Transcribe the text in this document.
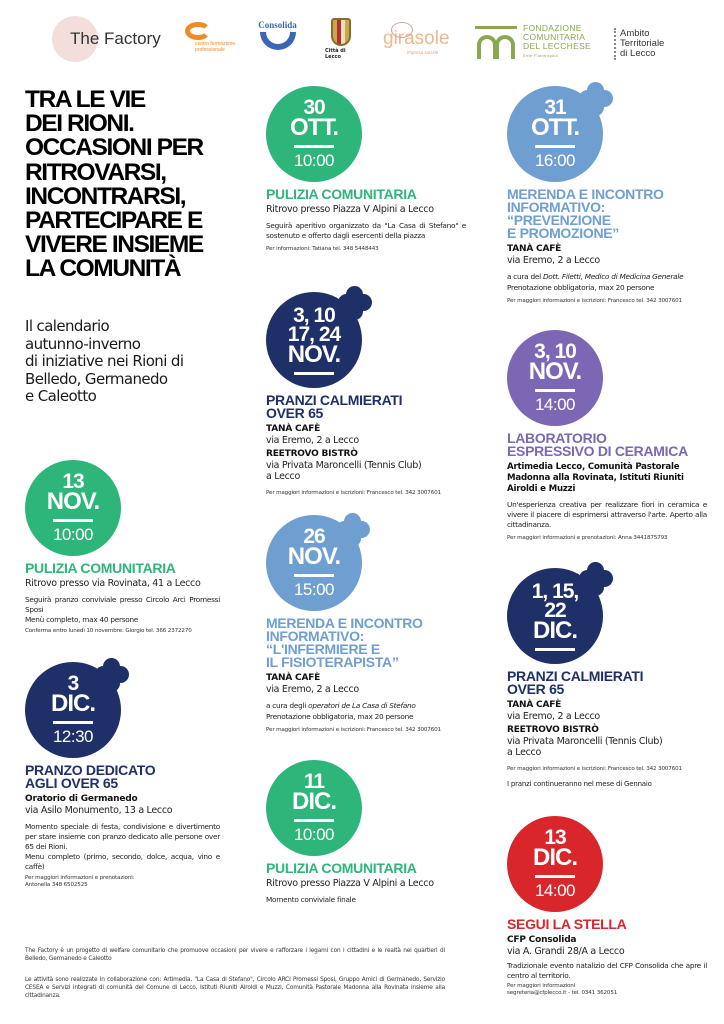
The Factory	centro formazione professionale
Consolida
Città di Lecco
girasole
impresa sociale
FONDAZIONE
COMUNITARIA
DEL LECCHESE
Ente Filantropico
Ambito
Territoriale
di Lecco
TRA LE VIE
DEI RIONI.
OCCASIONI PER
RITROVARSI,
INCONTRARSI,
PARTECIPARE E
VIVERE INSIEME
LA COMUNITÀ
Il calendario
autunno-inverno
di iniziative nei Rioni di
Belledo, Germanedo
e Caleotto
30
OTT.
10:00
PULIZIA COMUNITARIA
Ritrovo presso Piazza V Alpini a Lecco
Seguirà aperitivo organizzato da "La Casa di Stefano" e sostenuto e offerto dagli esercenti della piazza
Per informazioni: Tatiana tel. 348 5448443
31
OTT.
16:00
MERENDA E INCONTRO
INFORMATIVO:
“PREVENZIONE
E PROMOZIONE”
TANÀ CAFÈ
via Eremo, 2 a Lecco
a cura del Dott. Filetti, Medico di Medicina Generale
Prenotazione obbligatoria, max 20 persone
Per maggiori informazioni e iscrizioni: Francesco tel. 342 3007601
3, 10
17, 24
NOV.
PRANZI CALMIERATI
OVER 65
TANÀ CAFÈ
via Eremo, 2 a Lecco
REETROVO BISTRÒ
via Privata Maroncelli (Tennis Club)
a Lecco
Per maggiori informazioni e iscrizioni: Francesco tel. 342 3007601
3, 10
NOV.
14:00
LABORATORIO
ESPRESSIVO DI CERAMICA
Artimedia Lecco, Comunità Pastorale Madonna alla Rovinata, Istituti Riuniti Airoldi e Muzzi
Un'esperienza creativa per realizzare fiori in ceramica e vivere il piacere di esprimersi attraverso l'arte. Aperto alla cittadinanza.
Per maggiori informazioni e prenotazioni: Anna 3441875793
13
NOV.
10:00
PULIZIA COMUNITARIA
Ritrovo presso via Rovinata, 41 a Lecco
Seguirà pranzo conviviale presso Circolo Arci Promessi Sposi
Menù completo, max 40 persone
Conferma entro lunedì 10 novembre: Giorgio tel. 366 2372270
26
NOV.
15:00
MERENDA E INCONTRO
INFORMATIVO:
“L'INFERMIERE E
IL FISIOTERAPISTA”
TANÀ CAFÈ
via Eremo, 2 a Lecco
a cura degli operatori de La Casa di Stefano
Prenotazione obbligatoria, max 20 persone
Per maggiori informazioni e iscrizioni: Francesco tel. 342 3007601
1, 15,
22
DIC.
PRANZI CALMIERATI
OVER 65
TANÀ CAFÈ
via Eremo, 2 a Lecco
REETROVO BISTRÒ
via Privata Maroncelli (Tennis Club)
a Lecco
Per maggiori informazioni e iscrizioni: Francesco tel. 342 3007601
I pranzi continueranno nel mese di Gennaio
3
DIC.
12:30
PRANZO DEDICATO
AGLI OVER 65
Oratorio di Germanedo
via Asilo Monumento, 13 a Lecco
Momento speciale di festa, condivisione e divertimento per stare insieme con pranzo dedicato alle persone over 65 dei Rioni.
Menu completo (primo, secondo, dolce, acqua, vino e caffè)
Per maggiori informazioni e prenotazioni:
Antonella 348 6502525
11
DIC.
10:00
PULIZIA COMUNITARIA
Ritrovo presso Piazza V Alpini a Lecco
Momento conviviale finale
13
DIC.
14:00
SEGUI LA STELLA
CFP Consolida
via A. Grandi 28/A a Lecco
Tradizionale evento natalizio del CFP Consolida che apre il centro al territorio.
Per maggiori informazioni
segreteria@cfplecco.it - tel. 0341 362051
The Factory è un progetto di welfare comunitario che promuove occasioni per vivere e rafforzare i legami con i cittadini e le realtà nei quartieri di Belledo, Germanedo e Caleotto
Le attività sono realizzate in collaborazione con: Artimedia, "La Casa di Stefano", Circolo ARCI Promessi Sposi, Gruppo Amici di Germanedo, Servizio CESEA e Servizi integrati di comunità del Comune di Lecco, Istituti Riuniti Airoldi e Muzzi, Comunità Pastorale Madonna alla Rovinata insieme alla cittadinanza.
